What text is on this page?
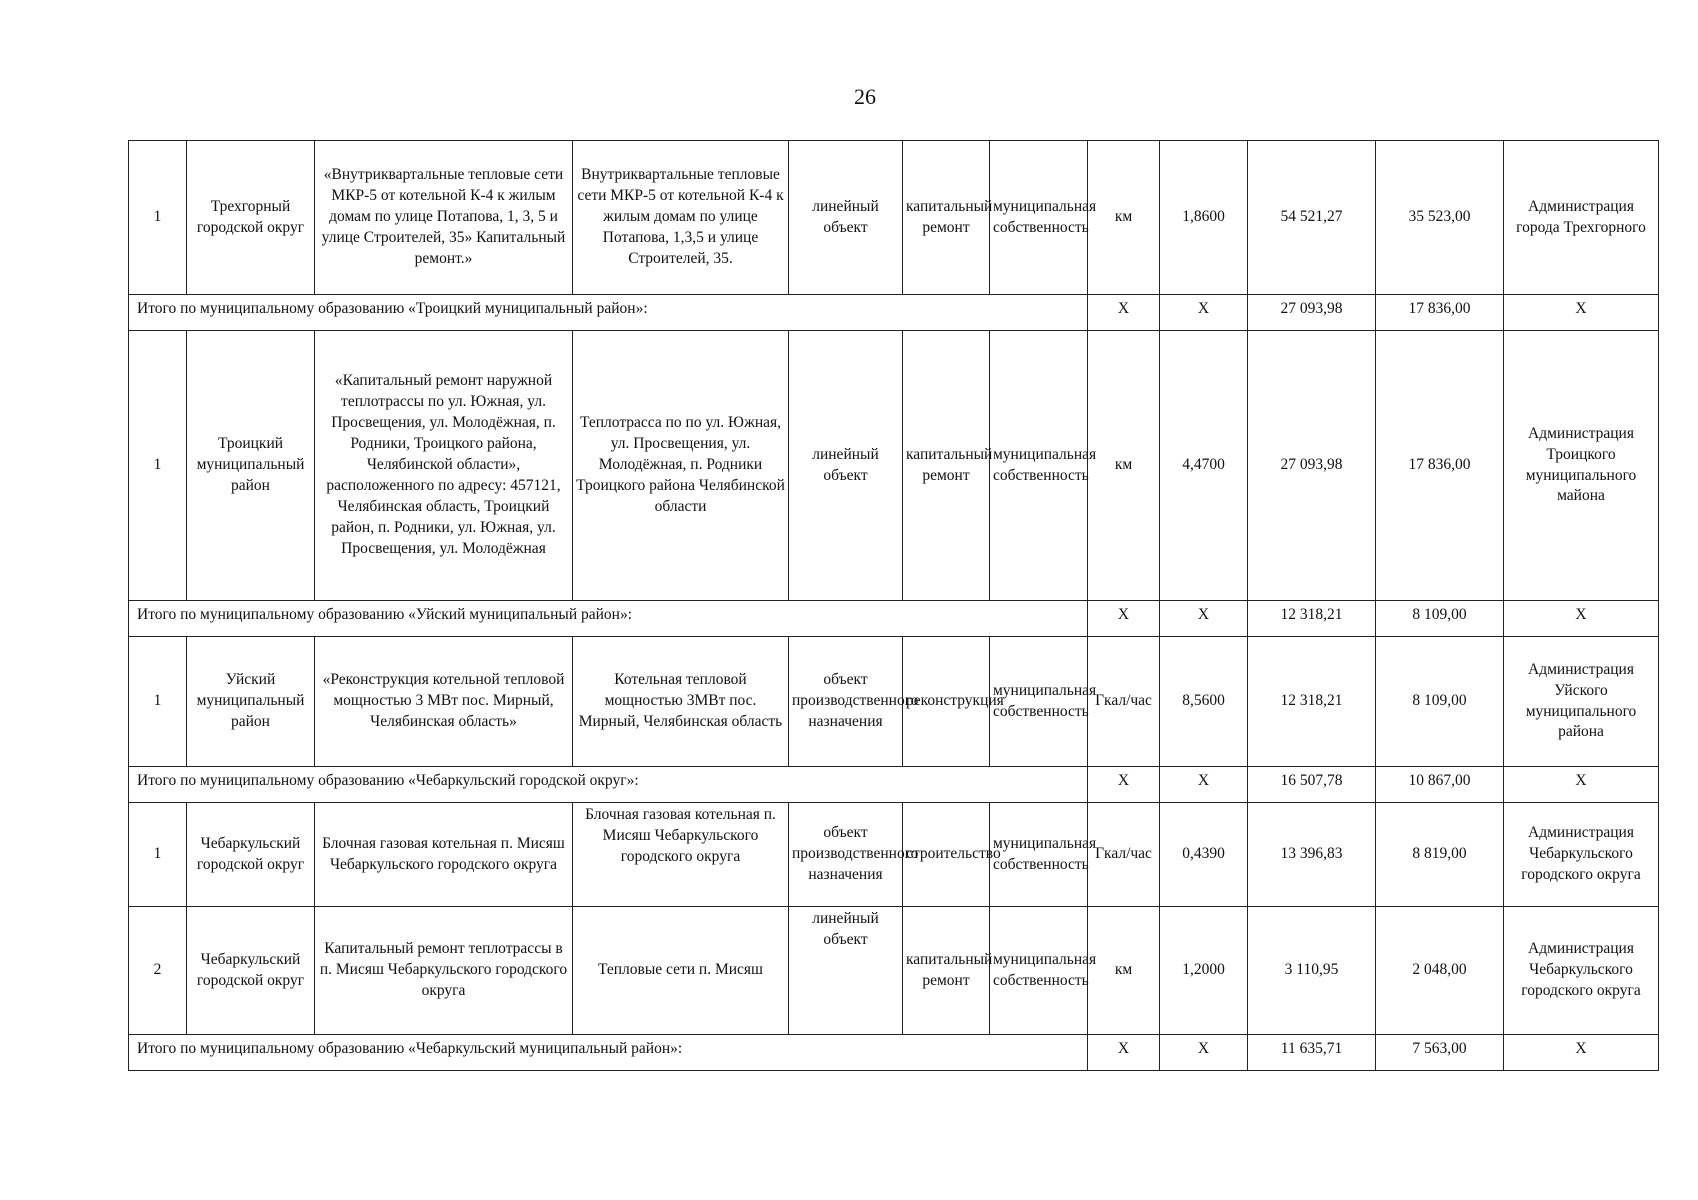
26
1	Трехгорный городской округ	«Внутриквартальные тепловые сети МКР-5 от котельной К-4 к жилым домам по улице Потапова, 1, 3, 5 и улице Строителей, 35» Капитальный ремонт.»	Внутриквартальные тепловые сети МКР-5 от котельной К-4 к жилым домам по улице Потапова, 1,3,5 и улице Строителей, 35.	линейный объект	капитальный ремонт	муниципальная собственность	км	1,8600	54 521,27	35 523,00	Администрация города Трехгорного
Итого по муниципальному образованию «Троицкий муниципальный район»:							Х	Х	27 093,98	17 836,00	Х
1	Троицкий муниципальный район	«Капитальный ремонт наружной теплотрассы по ул. Южная, ул. Просвещения, ул. Молодёжная, п. Родники, Троицкого района, Челябинской области», расположенного по адресу: 457121, Челябинская область, Троицкий район, п. Родники, ул. Южная, ул. Просвещения, ул. Молодёжная	Теплотрасса по по ул. Южная, ул. Просвещения, ул. Молодёжная, п. Родники Троицкого района Челябинской области	линейный объект	капитальный ремонт	муниципальная собственность	км	4,4700	27 093,98	17 836,00	Администрация Троицкого муниципального майона
Итого по муниципальному образованию «Уйский муниципальный район»:							Х	Х	12 318,21	8 109,00	Х
1	Уйский муниципальный район	«Реконструкция котельной тепловой мощностью 3 МВт пос. Мирный, Челябинская область»	Котельная тепловой мощностью 3МВт пос. Мирный, Челябинская область	объект производственного назначения	реконструкция	муниципальная собственность	Гкал/час	8,5600	12 318,21	8 109,00	Администрация Уйского муниципального района
Итого по муниципальному образованию «Чебаркульский городской округ»:							Х	Х	16 507,78	10 867,00	Х
1	Чебаркульский городской округ	Блочная газовая котельная п. Мисяш Чебаркульского городского округа	Блочная газовая котельная п. Мисяш Чебаркульского городского округа	объект производственного назначения	строительство	муниципальная собственность	Гкал/час	0,4390	13 396,83	8 819,00	Администрация Чебаркульского городского округа
2	Чебаркульский городской округ	Капитальный ремонт теплотрассы в п. Мисяш Чебаркульского городского округа	Тепловые сети п. Мисяш	линейный объект	капитальный ремонт	муниципальная собственность	км	1,2000	3 110,95	2 048,00	Администрация Чебаркульского городского округа
Итого по муниципальному образованию «Чебаркульский муниципальный район»:							Х	Х	11 635,71	7 563,00	Х
